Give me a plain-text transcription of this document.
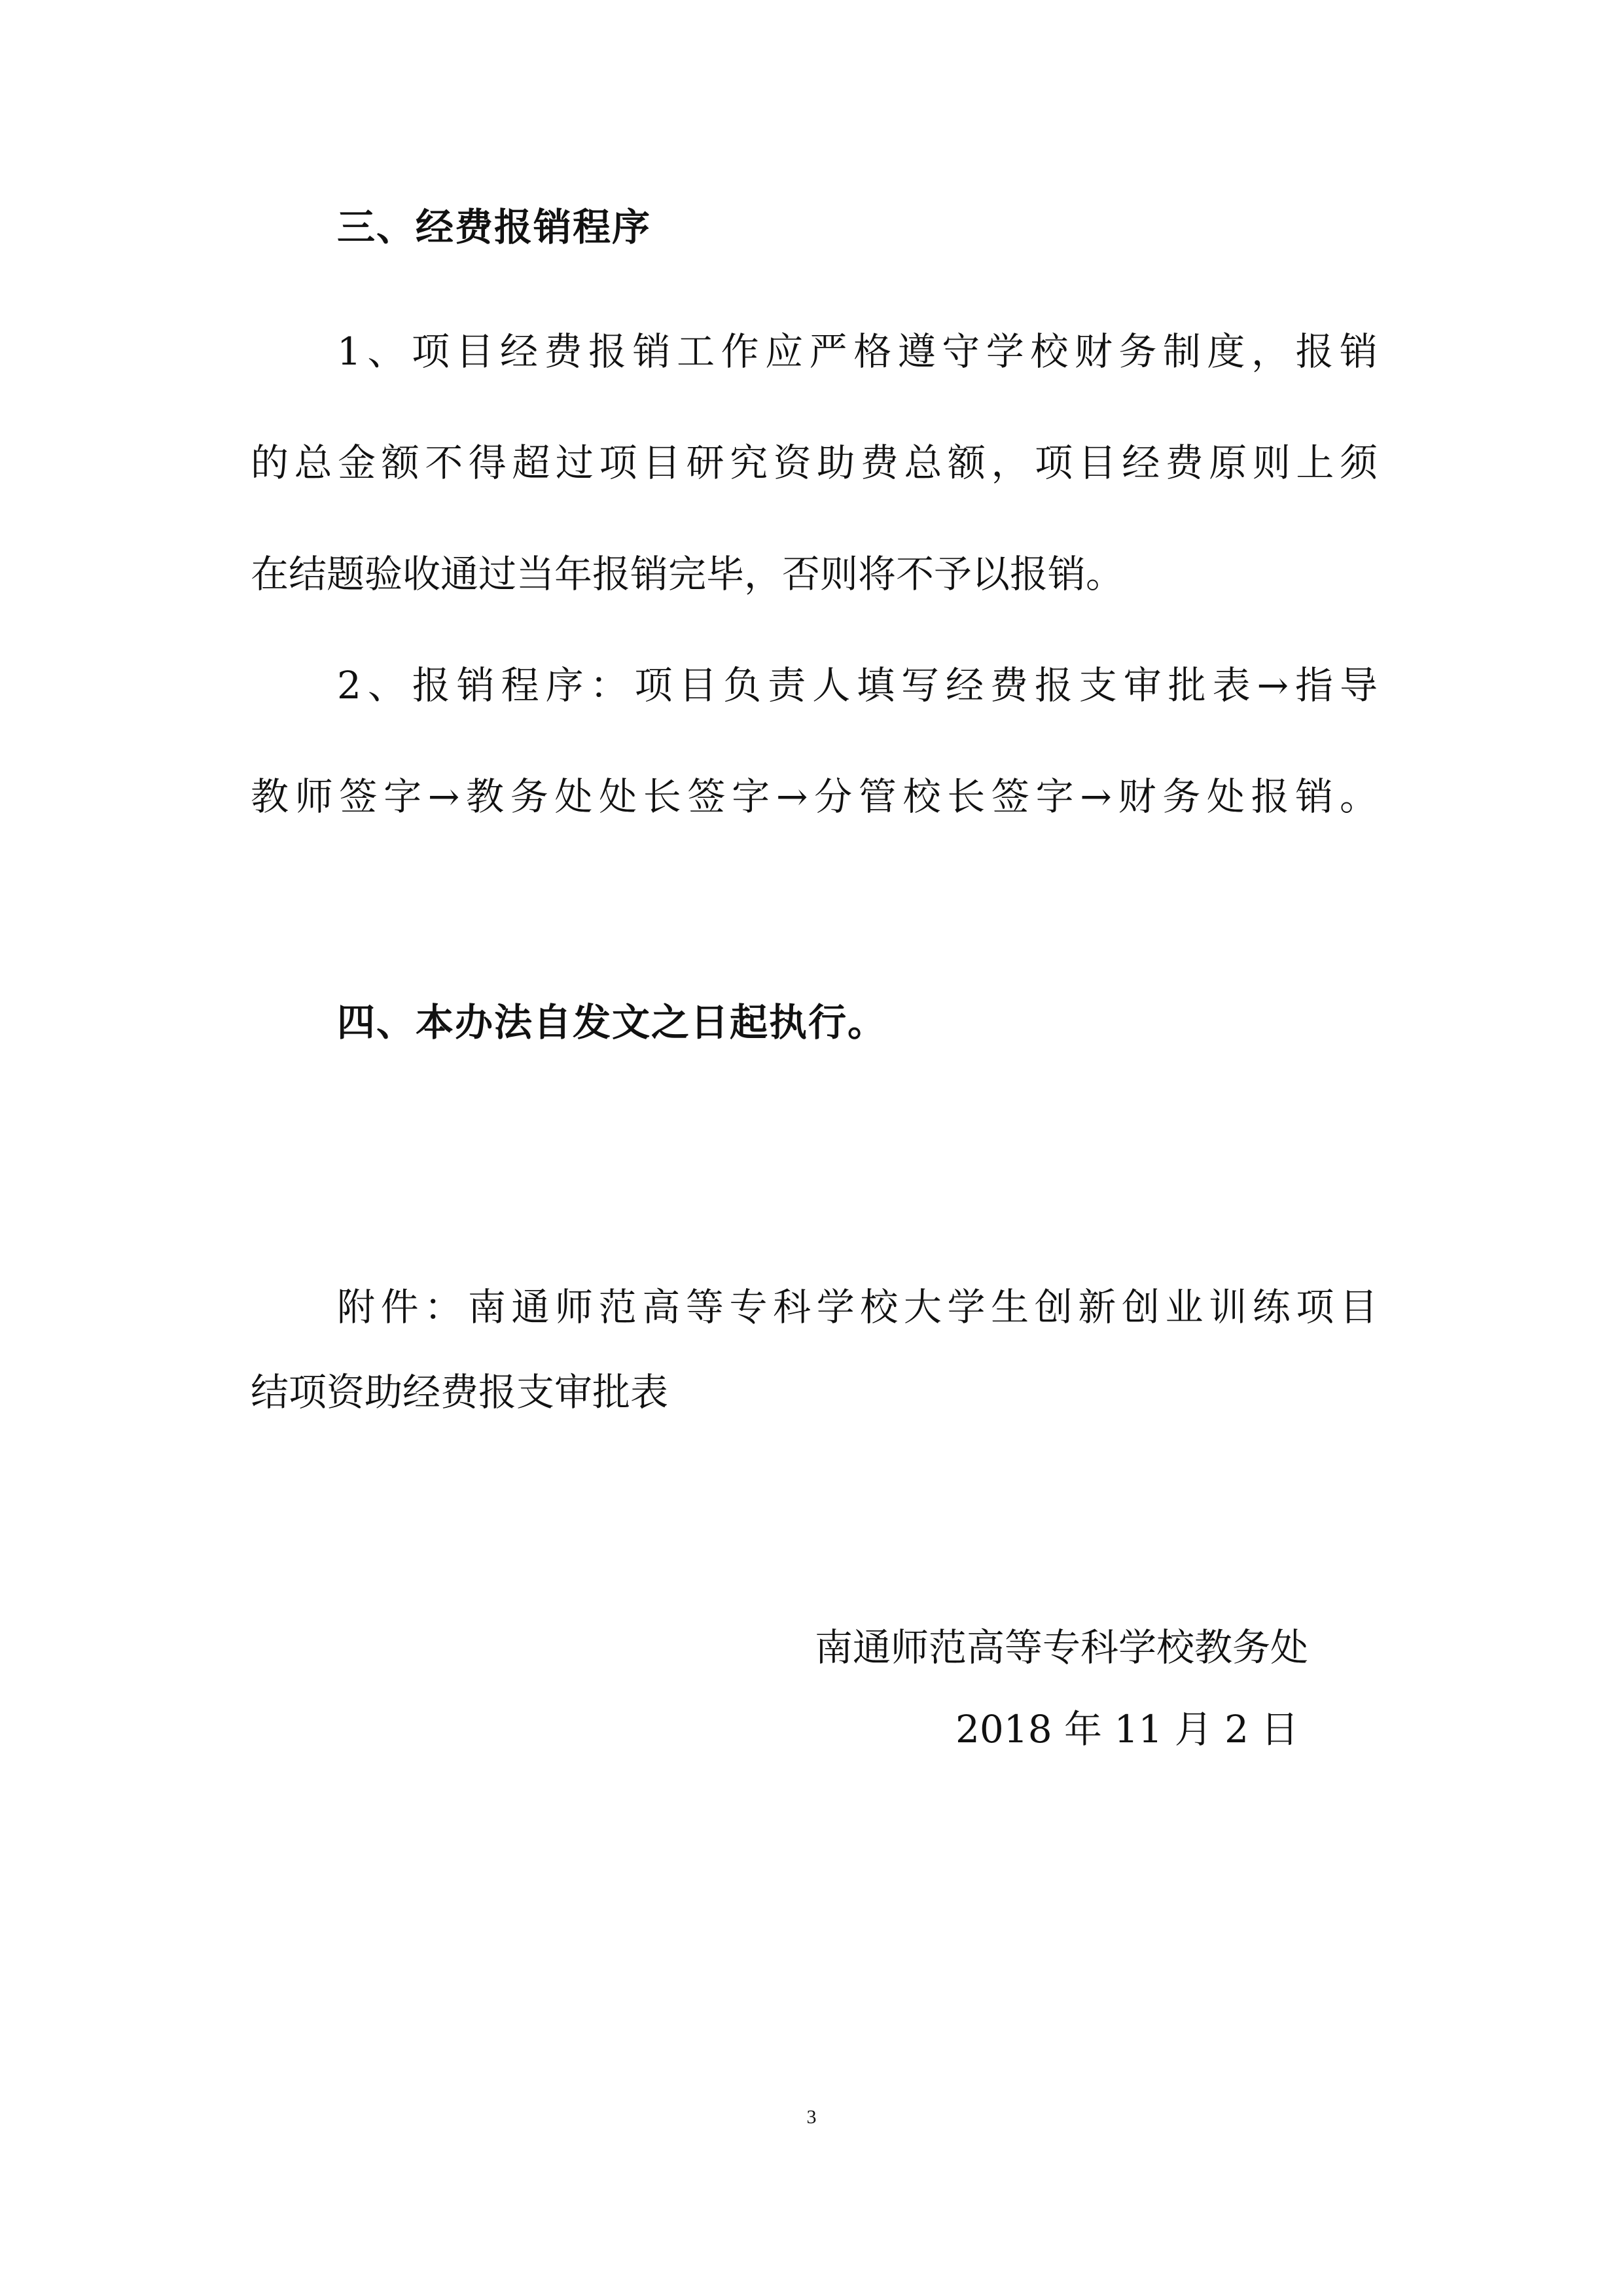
三、经费报销程序
1、项目经费报销工作应严格遵守学校财务制度，报销
的总金额不得超过项目研究资助费总额，项目经费原则上须
在结题验收通过当年报销完毕，否则将不予以报销。
2、报销程序：项目负责人填写经费报支审批表→指导
教师签字→教务处处长签字→分管校长签字→财务处报销。
四、本办法自发文之日起执行。
附件：南通师范高等专科学校大学生创新创业训练项目
结项资助经费报支审批表
南通师范高等专科学校教务处
2018 年 11 月 2 日
3
